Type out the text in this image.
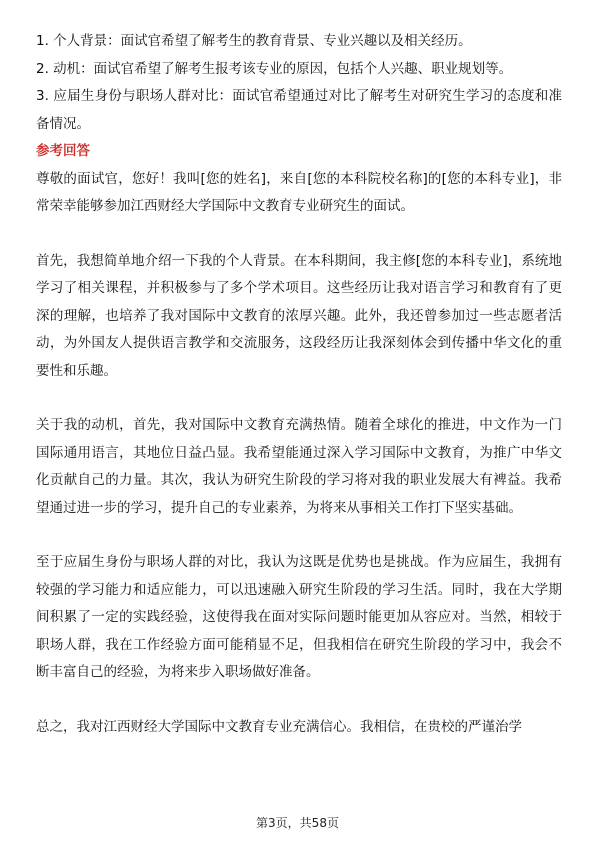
1. 个人背景：面试官希望了解考生的教育背景、专业兴趣以及相关经历。

2. 动机：面试官希望了解考生报考该专业的原因，包括个人兴趣、职业规划等。

3. 应届生身份与职场人群对比：面试官希望通过对比了解考生对研究生学习的态度和准备情况。

参考回答

尊敬的面试官，您好！我叫[您的姓名]，来自[您的本科院校名称]的[您的本科专业]，非常荣幸能够参加江西财经大学国际中文教育专业研究生的面试。

首先，我想简单地介绍一下我的个人背景。在本科期间，我主修[您的本科专业]，系统地学习了相关课程，并积极参与了多个学术项目。这些经历让我对语言学习和教育有了更深的理解，也培养了我对国际中文教育的浓厚兴趣。此外，我还曾参加过一些志愿者活动，为外国友人提供语言教学和交流服务，这段经历让我深刻体会到传播中华文化的重要性和乐趣。

关于我的动机，首先，我对国际中文教育充满热情。随着全球化的推进，中文作为一门国际通用语言，其地位日益凸显。我希望能通过深入学习国际中文教育，为推广中华文化贡献自己的力量。其次，我认为研究生阶段的学习将对我的职业发展大有裨益。我希望通过进一步的学习，提升自己的专业素养，为将来从事相关工作打下坚实基础。

至于应届生身份与职场人群的对比，我认为这既是优势也是挑战。作为应届生，我拥有较强的学习能力和适应能力，可以迅速融入研究生阶段的学习生活。同时，我在大学期间积累了一定的实践经验，这使得我在面对实际问题时能更加从容应对。当然，相较于职场人群，我在工作经验方面可能稍显不足，但我相信在研究生阶段的学习中，我会不断丰富自己的经验，为将来步入职场做好准备。

总之，我对江西财经大学国际中文教育专业充满信心。我相信，在贵校的严谨治学

第3页，共58页
